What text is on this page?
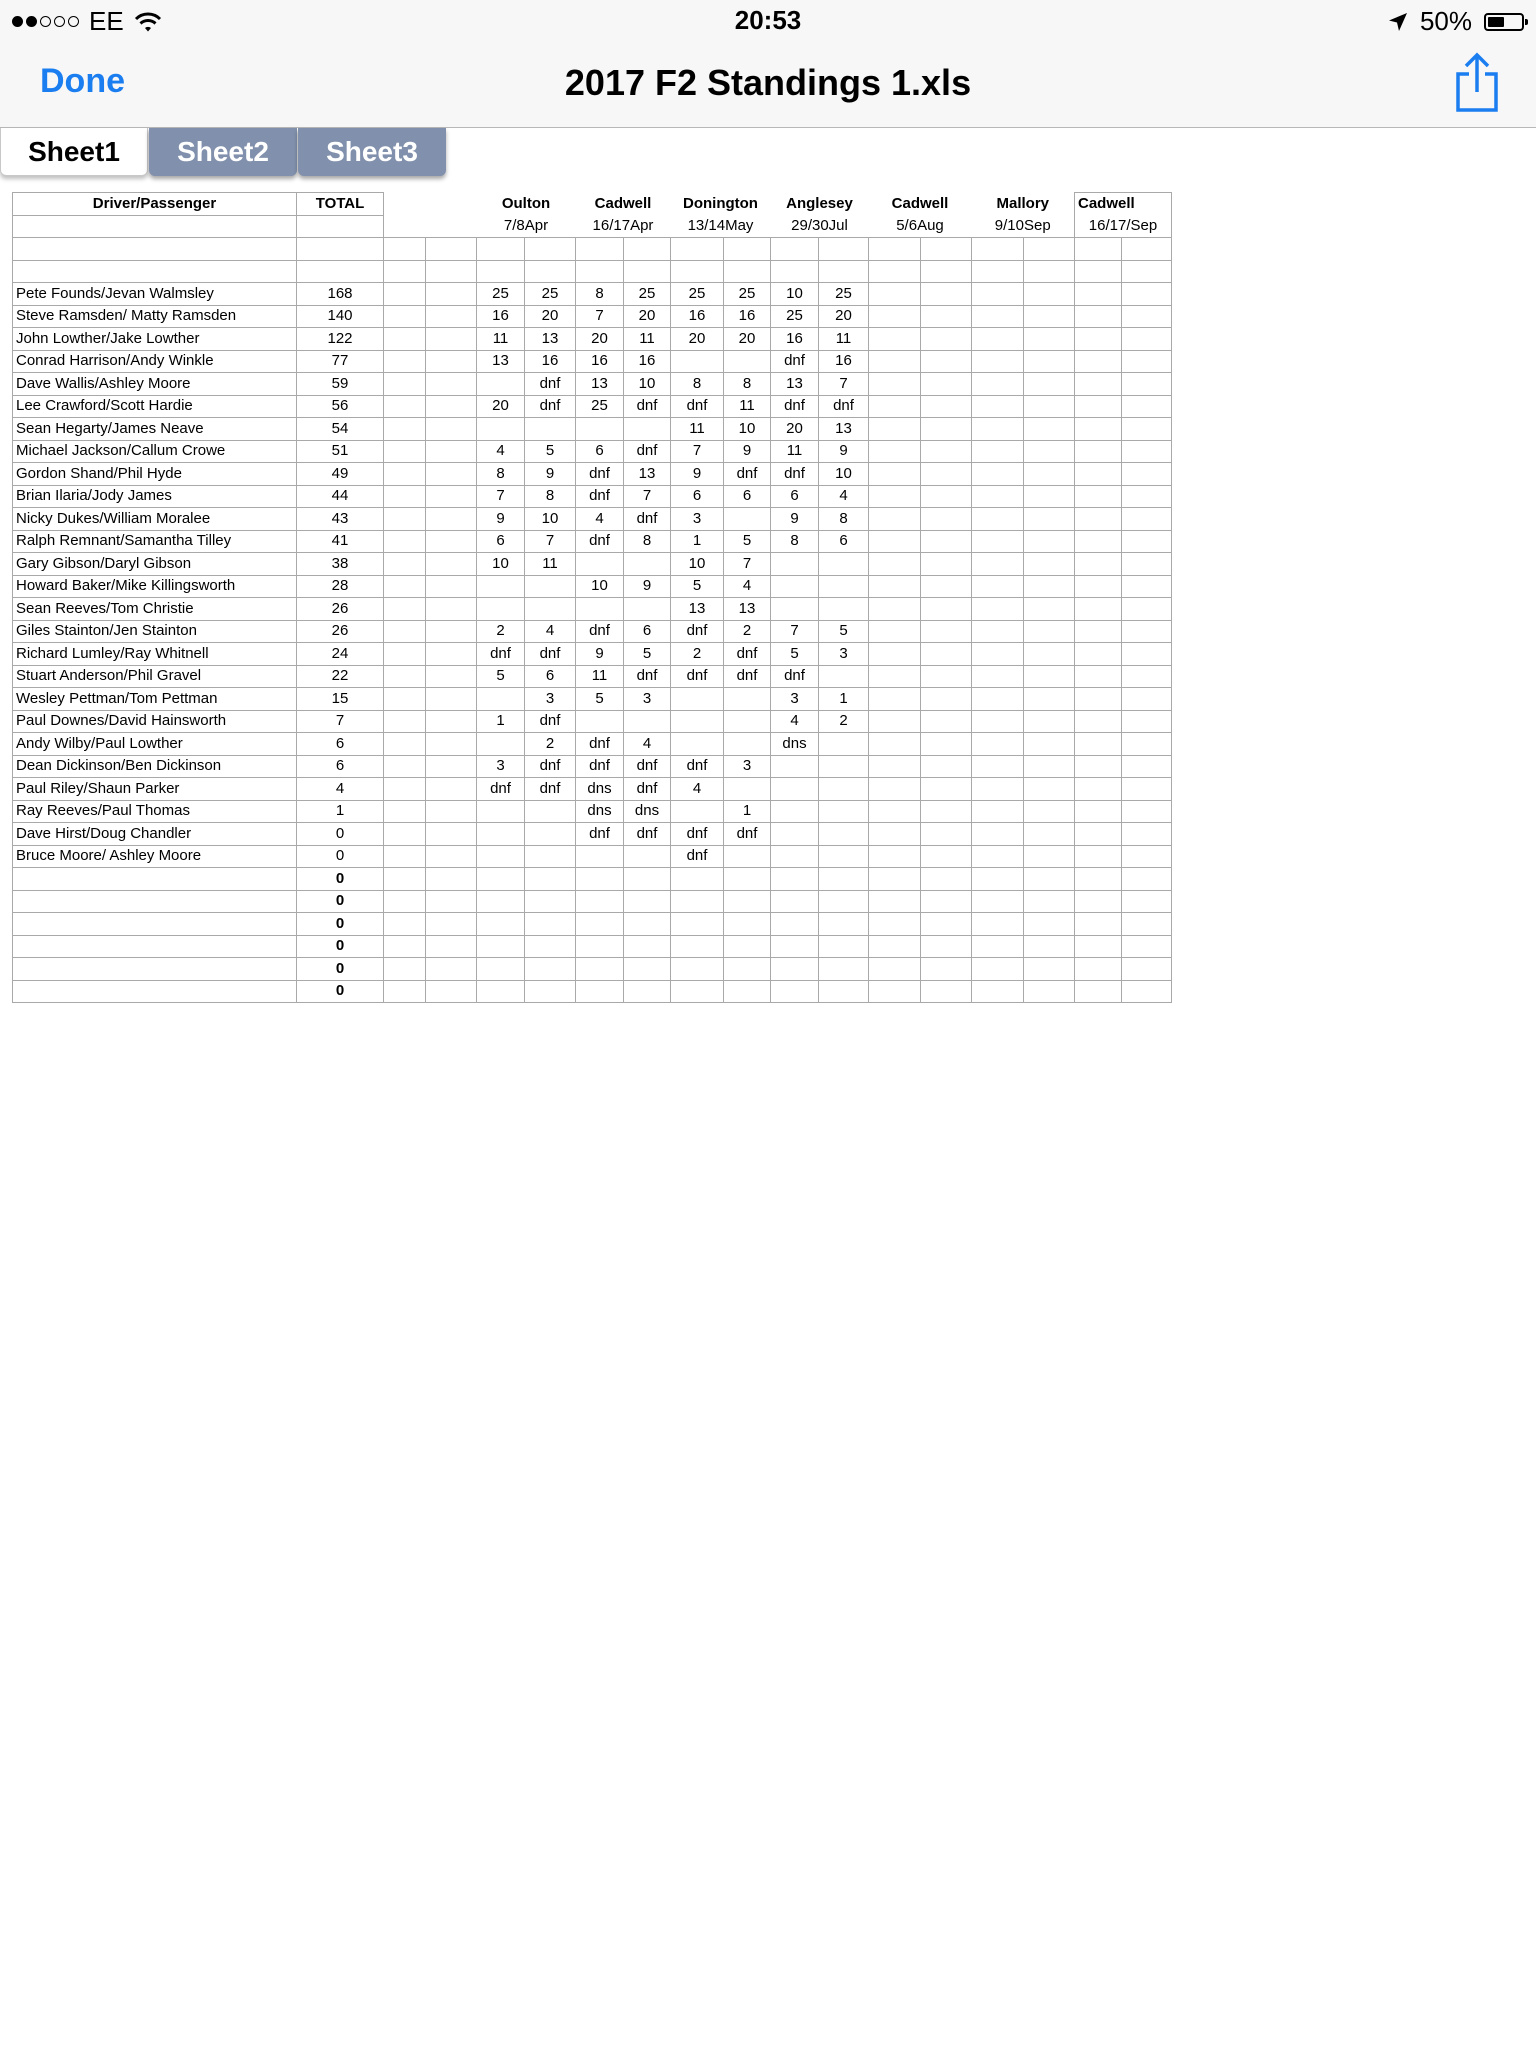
EE	20:53	50%
Done	2017 F2 Standings 1.xls
Sheet1	Sheet2	Sheet3
Driver/Passenger	TOTAL			Oulton		Cadwell		Donington		Anglesey		Cadwell		Mallory		Cadwell	
				7/8Apr		16/17Apr		13/14May		29/30Jul		5/6Aug		9/10Sep		16/17/Sep	

Pete Founds/Jevan Walmsley	168			25	25	8	25	25	25	10	25						
Steve Ramsden/ Matty Ramsden	140			16	20	7	20	16	16	25	20						
John Lowther/Jake Lowther	122			11	13	20	11	20	20	16	11						
Conrad Harrison/Andy Winkle	77			13	16	16	16			dnf	16						
Dave Wallis/Ashley Moore	59				dnf	13	10	8	8	13	7						
Lee Crawford/Scott Hardie	56			20	dnf	25	dnf	dnf	11	dnf	dnf						
Sean Hegarty/James Neave	54							11	10	20	13						
Michael Jackson/Callum Crowe	51			4	5	6	dnf	7	9	11	9						
Gordon Shand/Phil Hyde	49			8	9	dnf	13	9	dnf	dnf	10						
Brian Ilaria/Jody James	44			7	8	dnf	7	6	6	6	4						
Nicky Dukes/William Moralee	43			9	10	4	dnf	3		9	8						
Ralph Remnant/Samantha Tilley	41			6	7	dnf	8	1	5	8	6						
Gary Gibson/Daryl Gibson	38			10	11			10	7								
Howard Baker/Mike Killingsworth	28					10	9	5	4								
Sean Reeves/Tom Christie	26							13	13								
Giles Stainton/Jen Stainton	26			2	4	dnf	6	dnf	2	7	5						
Richard Lumley/Ray Whitnell	24			dnf	dnf	9	5	2	dnf	5	3						
Stuart Anderson/Phil Gravel	22			5	6	11	dnf	dnf	dnf	dnf							
Wesley Pettman/Tom Pettman	15				3	5	3			3	1						
Paul Downes/David Hainsworth	7			1	dnf					4	2						
Andy Wilby/Paul Lowther	6				2	dnf	4			dns							
Dean Dickinson/Ben Dickinson	6			3	dnf	dnf	dnf	dnf	3								
Paul Riley/Shaun Parker	4			dnf	dnf	dns	dnf	4									
Ray Reeves/Paul Thomas	1					dns	dns		1								
Dave Hirst/Doug Chandler	0					dnf	dnf	dnf	dnf								
Bruce Moore/ Ashley Moore	0							dnf									
	0																
	0																
	0																
	0																
	0																
	0																
